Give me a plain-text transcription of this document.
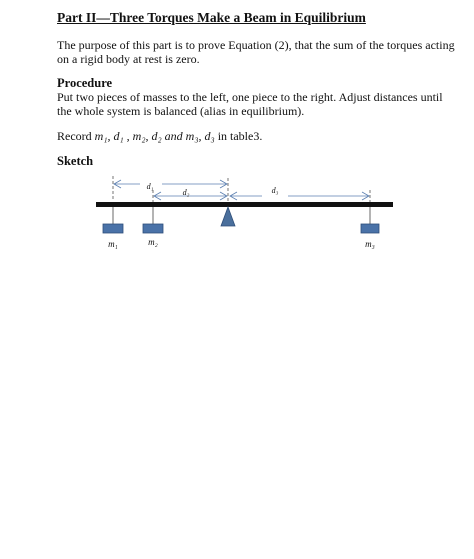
Part II—Three Torques Make a Beam in Equilibrium
The purpose of this part is to prove Equation (2), that the sum of the torques acting on a rigid body at rest is zero.
Procedure
Put two pieces of masses to the left, one piece to the right. Adjust distances until the whole system is balanced (alias in equilibrium).
Record m₁, d₁ , m₂, d₂ and m₃, d₃ in table3.
Sketch
d₁
d₂	d₃
m₁	m₂	m₃
